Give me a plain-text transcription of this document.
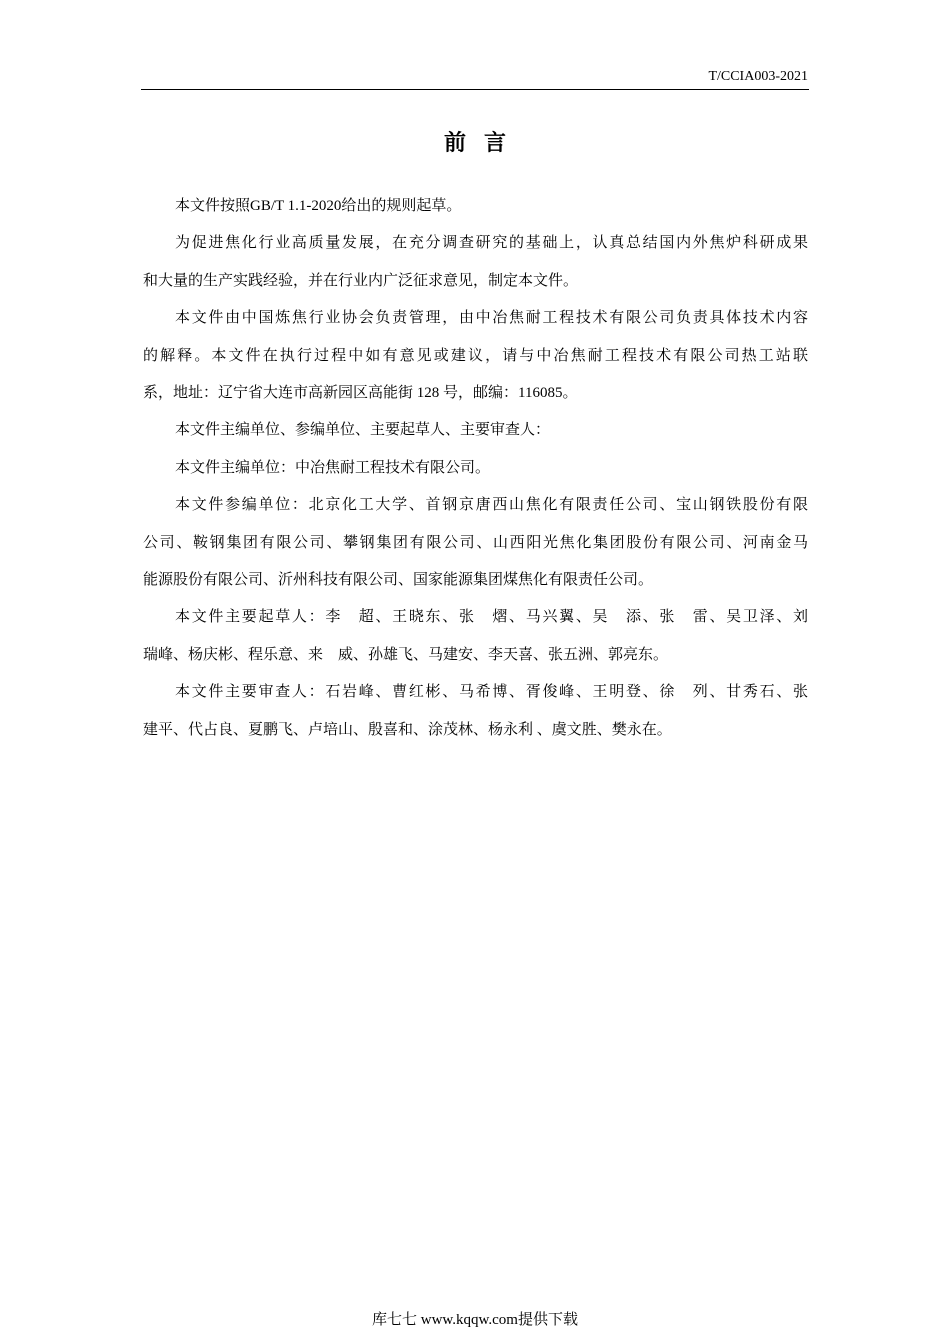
T/CCIA003-2021
前言
本文件按照GB/T 1.1-2020给出的规则起草。
为促进焦化行业高质量发展，在充分调查研究的基础上，认真总结国内外焦炉科研成果
和大量的生产实践经验，并在行业内广泛征求意见，制定本文件。
本文件由中国炼焦行业协会负责管理，由中冶焦耐工程技术有限公司负责具体技术内容
的解释。本文件在执行过程中如有意见或建议，请与中冶焦耐工程技术有限公司热工站联
系，地址：辽宁省大连市高新园区高能街 128 号，邮编：116085。
本文件主编单位、参编单位、主要起草人、主要审查人：
本文件主编单位：中冶焦耐工程技术有限公司。
本文件参编单位：北京化工大学、首钢京唐西山焦化有限责任公司、宝山钢铁股份有限
公司、鞍钢集团有限公司、攀钢集团有限公司、山西阳光焦化集团股份有限公司、河南金马
能源股份有限公司、沂州科技有限公司、国家能源集团煤焦化有限责任公司。
本文件主要起草人：李　超、王晓东、张　熠、马兴翼、吴　添、张　雷、吴卫泽、刘
瑞峰、杨庆彬、程乐意、来　威、孙雄飞、马建安、李天喜、张五洲、郭亮东。
本文件主要审查人：石岩峰、曹红彬、马希博、胥俊峰、王明登、徐　列、甘秀石、张
建平、代占良、夏鹏飞、卢培山、殷喜和、涂茂林、杨永利 、虞文胜、樊永在。
库七七 www.kqqw.com提供下载
